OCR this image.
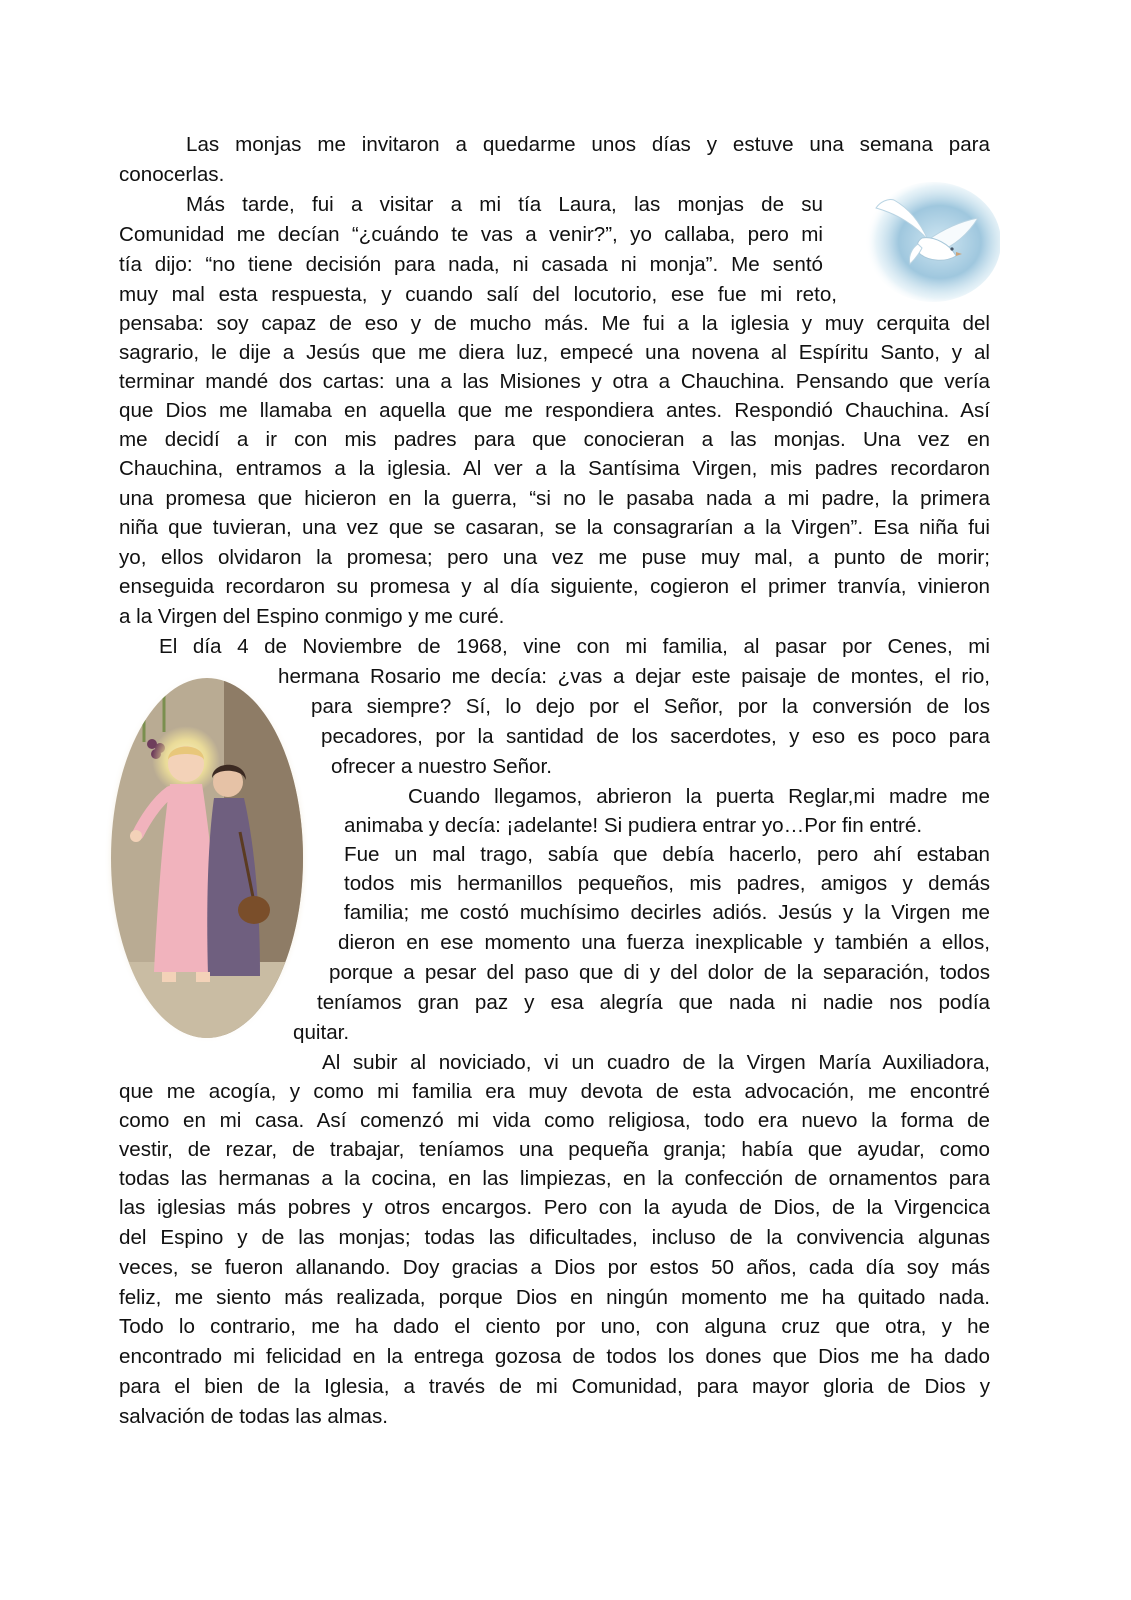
Las monjas me invitaron a quedarme unos días y estuve una semana para
conocerlas.
Más tarde, fui a visitar a mi tía Laura, las monjas de su
Comunidad me decían “¿cuándo te vas a venir?”, yo callaba, pero mi
tía dijo: “no tiene decisión para nada, ni casada ni monja”. Me sentó
muy mal esta respuesta, y cuando salí del locutorio, ese fue mi reto,
pensaba: soy capaz de eso y de mucho más. Me fui a la iglesia y muy cerquita del
sagrario, le dije a Jesús que me diera luz, empecé una novena al Espíritu Santo, y al
terminar mandé dos cartas: una a las Misiones y otra a Chauchina. Pensando que vería
que Dios me llamaba en aquella que me respondiera antes. Respondió Chauchina. Así
me decidí a ir con mis padres para que conocieran a las monjas. Una vez en
Chauchina, entramos a la iglesia. Al ver a la Santísima Virgen, mis padres recordaron
una promesa que hicieron en la guerra, “si no le pasaba nada a mi padre, la primera
niña que tuvieran, una vez que se casaran, se la consagrarían a la Virgen”. Esa niña fui
yo, ellos olvidaron la promesa; pero una vez me puse muy mal, a punto de morir;
enseguida recordaron su promesa y al día siguiente, cogieron el primer tranvía, vinieron
a la Virgen del Espino conmigo y me curé.
El día 4 de Noviembre de 1968, vine con mi familia, al pasar por Cenes, mi
hermana Rosario me decía: ¿vas a dejar este paisaje de montes, el rio,
para siempre? Sí, lo dejo por el Señor, por la conversión de los
pecadores, por la santidad de los sacerdotes, y eso es poco para
ofrecer a nuestro Señor.
Cuando llegamos, abrieron la puerta Reglar,mi madre me
animaba y decía: ¡adelante! Si pudiera entrar yo…Por fin entré.
Fue un mal trago, sabía que debía hacerlo, pero ahí estaban
todos mis hermanillos pequeños, mis padres, amigos y demás
familia; me costó muchísimo decirles adiós. Jesús y la Virgen me
dieron en ese momento una fuerza inexplicable y también a ellos,
porque a pesar del paso que di y del dolor de la separación, todos
teníamos gran paz y esa alegría que nada ni nadie nos podía
quitar.
Al subir al noviciado, vi un cuadro de la Virgen María Auxiliadora,
que me acogía, y como mi familia era muy devota de esta advocación, me encontré
como en mi casa. Así comenzó mi vida como religiosa, todo era nuevo la forma de
vestir, de rezar, de trabajar, teníamos una pequeña granja; había que ayudar, como
todas las hermanas a la cocina, en las limpiezas, en la confección de ornamentos para
las iglesias más pobres y otros encargos. Pero con la ayuda de Dios, de la Virgencica
del Espino y de las monjas; todas las dificultades, incluso de la convivencia algunas
veces, se fueron allanando. Doy gracias a Dios por estos 50 años, cada día soy más
feliz, me siento más realizada, porque Dios en ningún momento me ha quitado nada.
Todo lo contrario, me ha dado el ciento por uno, con alguna cruz que otra, y he
encontrado mi felicidad en la entrega gozosa de todos los dones que Dios me ha dado
para el bien de la Iglesia, a través de mi Comunidad, para mayor gloria de Dios y
salvación de todas las almas.
